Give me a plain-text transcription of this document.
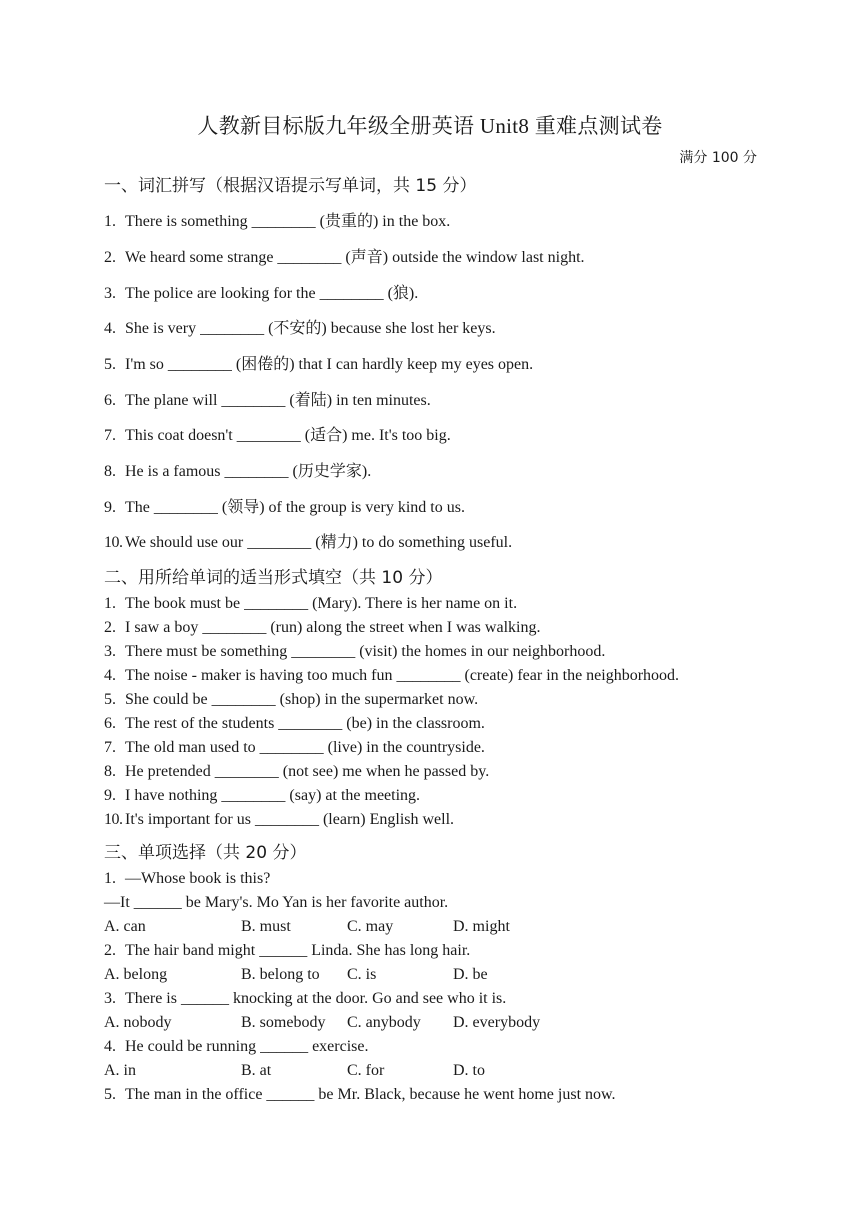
人教新目标版九年级全册英语 Unit8 重难点测试卷
满分 100 分
一、词汇拼写（根据汉语提示写单词，共 15 分）
1. There is something ________ (贵重的) in the box.
2. We heard some strange ________ (声音) outside the window last night.
3. The police are looking for the ________ (狼).
4. She is very ________ (不安的) because she lost her keys.
5. I'm so ________ (困倦的) that I can hardly keep my eyes open.
6. The plane will ________ (着陆) in ten minutes.
7. This coat doesn't ________ (适合) me. It's too big.
8. He is a famous ________ (历史学家).
9. The ________ (领导) of the group is very kind to us.
10. We should use our ________ (精力) to do something useful.
二、用所给单词的适当形式填空（共 10 分）
1. The book must be ________ (Mary). There is her name on it.
2. I saw a boy ________ (run) along the street when I was walking.
3. There must be something ________ (visit) the homes in our neighborhood.
4. The noise - maker is having too much fun ________ (create) fear in the neighborhood.
5. She could be ________ (shop) in the supermarket now.
6. The rest of the students ________ (be) in the classroom.
7. The old man used to ________ (live) in the countryside.
8. He pretended ________ (not see) me when he passed by.
9. I have nothing ________ (say) at the meeting.
10. It's important for us ________ (learn) English well.
三、单项选择（共 20 分）
1. —Whose book is this?
—It ______ be Mary's. Mo Yan is her favorite author.
A. can	B. must	C. may	D. might
2. The hair band might ______ Linda. She has long hair.
A. belong	B. belong to C. is	D. be
3. There is ______ knocking at the door. Go and see who it is.
A. nobody	B. somebody C. anybody D. everybody
4. He could be running ______ exercise.
A. in	B. at	C. for	D. to
5. The man in the office ______ be Mr. Black, because he went home just now.
